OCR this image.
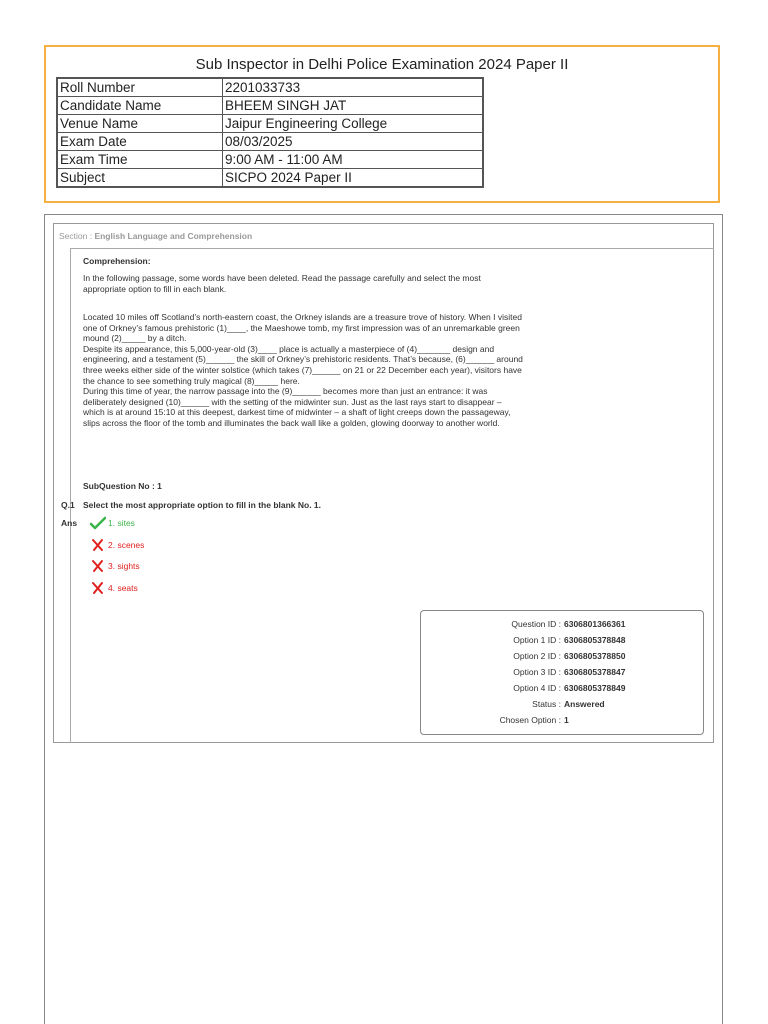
Sub Inspector in Delhi Police Examination 2024 Paper II
Roll Number	2201033733
Candidate Name	BHEEM SINGH JAT
Venue Name	Jaipur Engineering College
Exam Date	08/03/2025
Exam Time	9:00 AM - 11:00 AM
Subject	SICPO 2024 Paper II
Section : English Language and Comprehension
Comprehension:
In the following passage, some words have been deleted. Read the passage carefully and select the most appropriate option to fill in each blank.

Located 10 miles off Scotland’s north-eastern coast, the Orkney islands are a treasure trove of history. When I visited one of Orkney’s famous prehistoric (1)____, the Maeshowe tomb, my first impression was of an unremarkable green mound (2)_____ by a ditch.

Despite its appearance, this 5,000-year-old (3)____ place is actually a masterpiece of (4)_______ design and engineering, and a testament (5)______ the skill of Orkney’s prehistoric residents. That’s because, (6)______ around three weeks either side of the winter solstice (which takes (7)______ on 21 or 22 December each year), visitors have the chance to see something truly magical (8)_____ here.

During this time of year, the narrow passage into the (9)______ becomes more than just an entrance: it was deliberately designed (10)______ with the setting of the midwinter sun. Just as the last rays start to disappear – which is at around 15:10 at this deepest, darkest time of midwinter – a shaft of light creeps down the passageway, slips across the floor of the tomb and illuminates the back wall like a golden, glowing doorway to another world.

SubQuestion No : 1
Q.1 Select the most appropriate option to fill in the blank No. 1.
Ans	1. sites
2. scenes
3. sights
4. seats
Question ID : 6306801366361
Option 1 ID : 6306805378848
Option 2 ID : 6306805378850
Option 3 ID : 6306805378847
Option 4 ID : 6306805378849
Status : Answered
Chosen Option : 1
